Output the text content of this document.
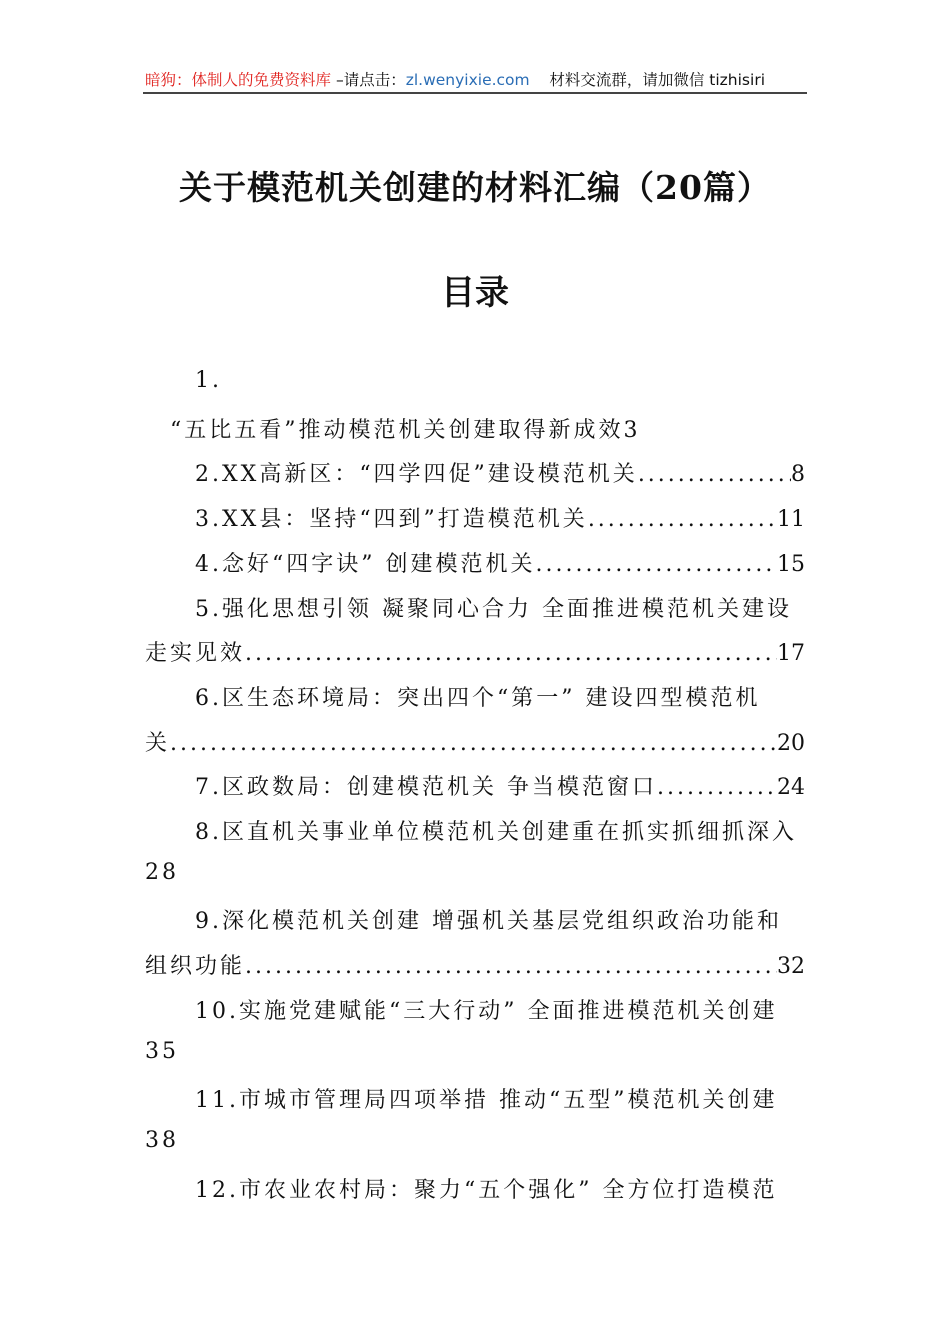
暗狗：体制人的免费资料库 –请点击：zl.wenyixie.com 材料交流群，请加微信 tizhisiri
关于模范机关创建的材料汇编（20篇）
目录
1.
“五比五看”推动模范机关创建取得新成效3
2.XX高新区：“四学四促”建设模范机关 .....	8
3.XX县：坚持“四到”打造模范机关 .....	11
4.念好“四字诀” 创建模范机关 .....	15
5.强化思想引领 凝聚同心合力 全面推进模范机关建设
走实见效 .....	17
6.区生态环境局：突出四个“第一” 建设四型模范机
关 .....	20
7.区政数局：创建模范机关 争当模范窗口 .....	24
8.区直机关事业单位模范机关创建重在抓实抓细抓深入
28
9.深化模范机关创建 增强机关基层党组织政治功能和
组织功能 .....	32
10.实施党建赋能“三大行动” 全面推进模范机关创建
35
11.市城市管理局四项举措 推动“五型”模范机关创建
38
12.市农业农村局：聚力“五个强化” 全方位打造模范
